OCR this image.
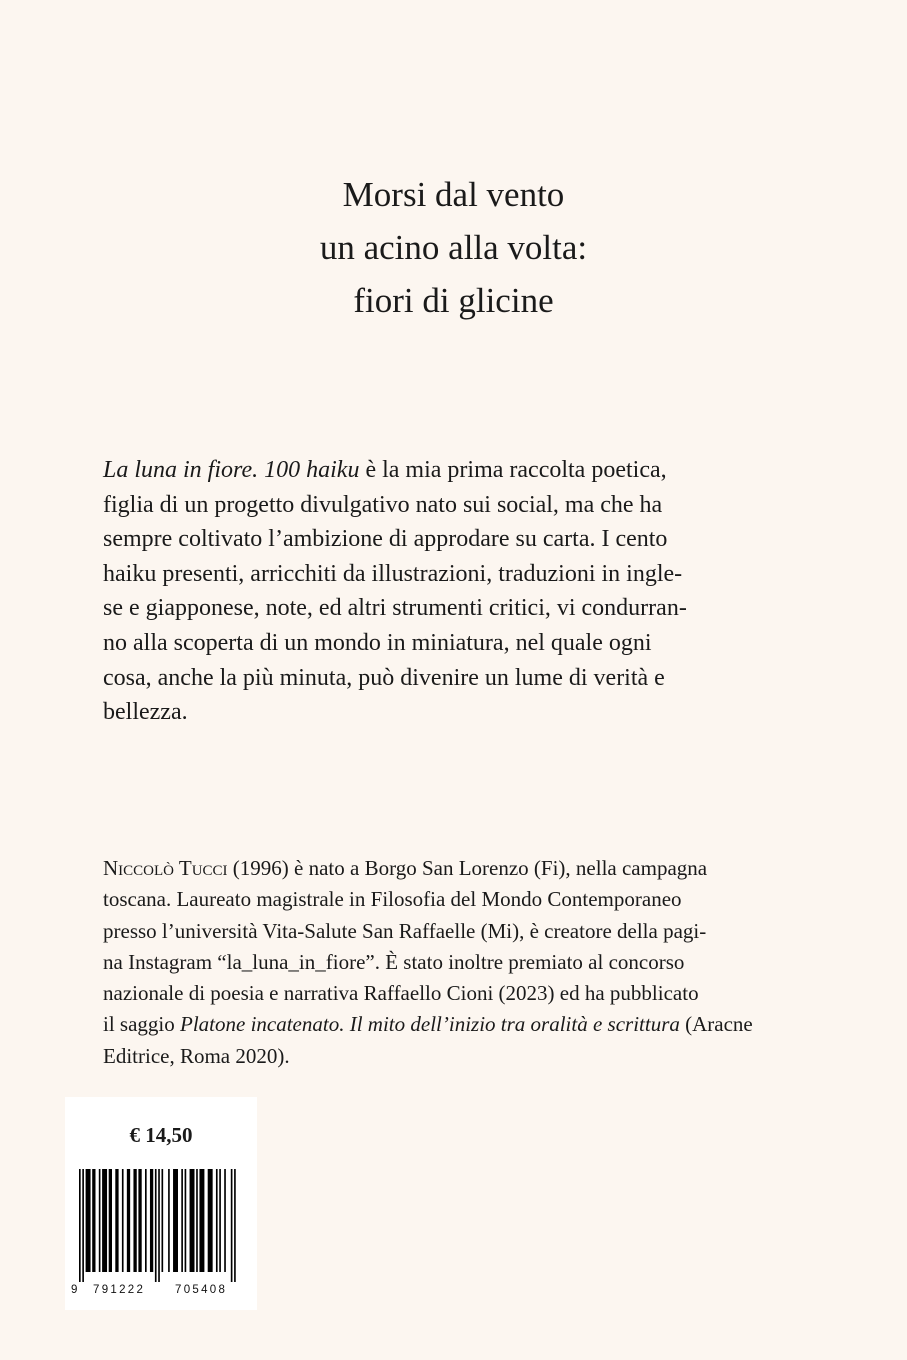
Morsi dal vento
un acino alla volta:
fiori di glicine
La luna in fiore. 100 haiku è la mia prima raccolta poetica,
figlia di un progetto divulgativo nato sui social, ma che ha
sempre coltivato l’ambizione di approdare su carta. I cento
haiku presenti, arricchiti da illustrazioni, traduzioni in ingle-
se e giapponese, note, ed altri strumenti critici, vi condurran-
no alla scoperta di un mondo in miniatura, nel quale ogni
cosa, anche la più minuta, può divenire un lume di verità e
bellezza.
Niccolò Tucci (1996) è nato a Borgo San Lorenzo (Fi), nella campagna
toscana. Laureato magistrale in Filosofia del Mondo Contemporaneo
presso l’università Vita-Salute San Raffaelle (Mi), è creatore della pagi-
na Instagram “la_luna_in_fiore”. È stato inoltre premiato al concorso
nazionale di poesia e narrativa Raffaello Cioni (2023) ed ha pubblicato
il saggio Platone incatenato. Il mito dell’inizio tra oralità e scrittura (Aracne
Editrice, Roma 2020).
€ 14,50
9 791222	705408
